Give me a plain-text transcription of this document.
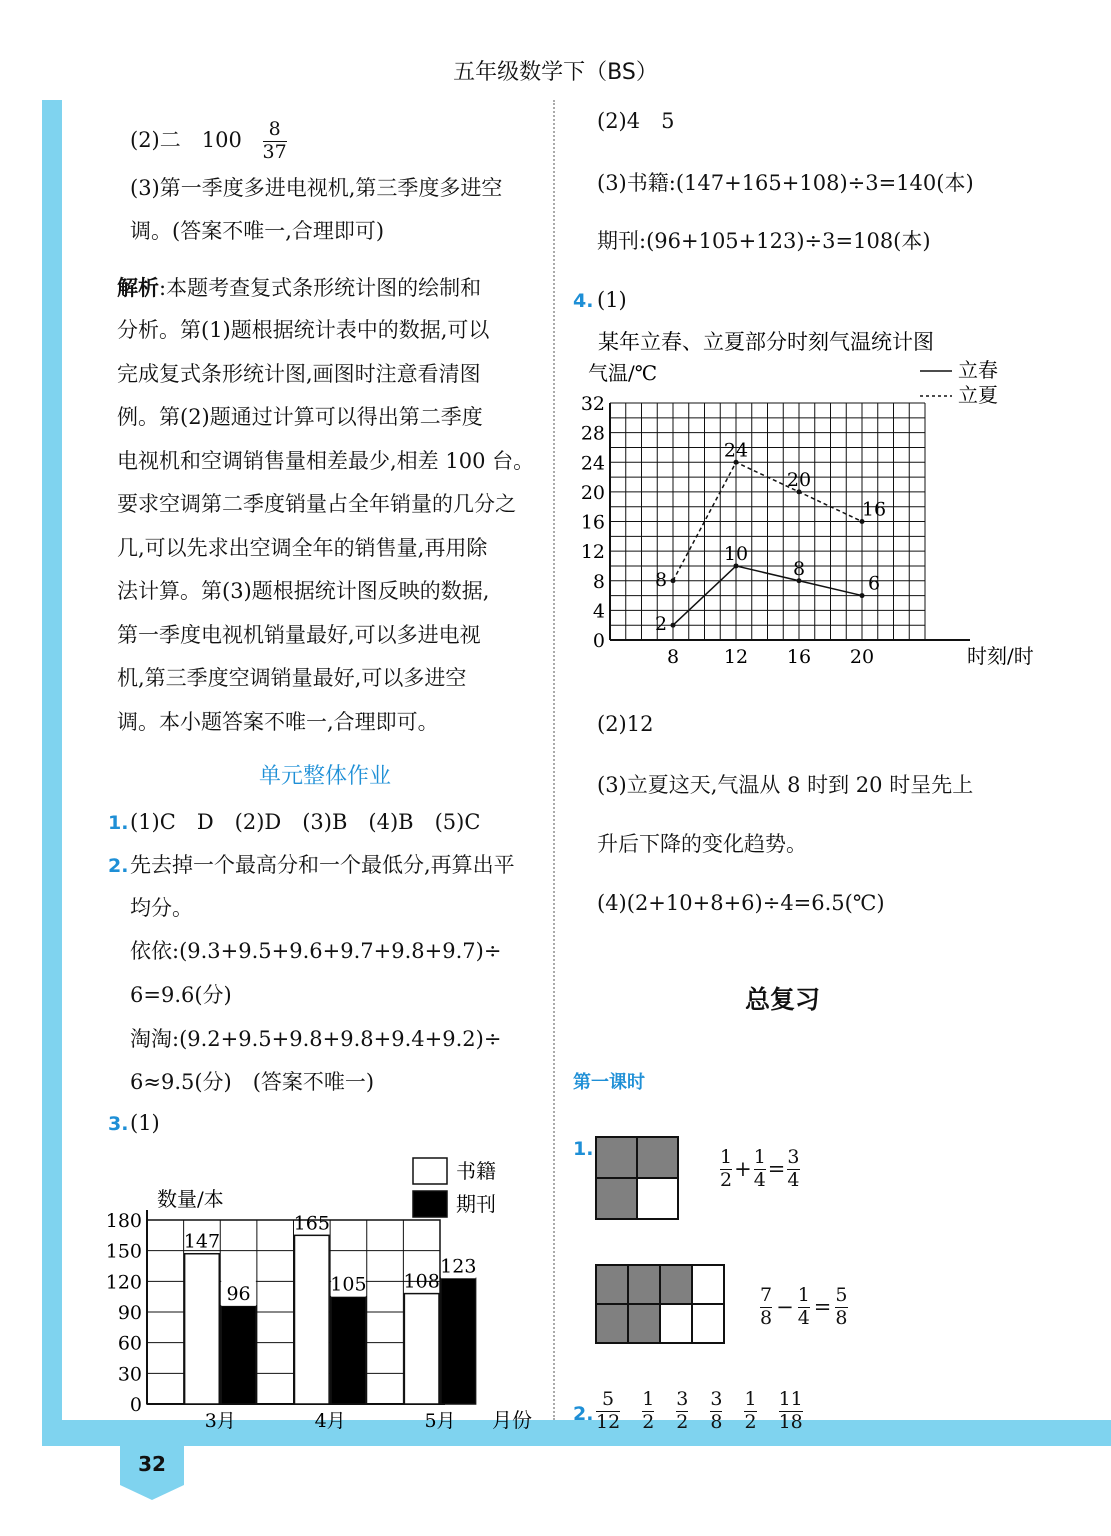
32
五年级数学下（BS）
(2)二　$100 \frac{8}{37}$
(3)第一季度多进电视机,第三季度多进空
调。(答案不唯一,合理即可)
解析:本题考查复式条形统计图的绘制和
分析。第(1)题根据统计表中的数据,可以
完成复式条形统计图,画图时注意看清图
例。第(2)题通过计算可以得出第二季度
电视机和空调销售量相差最少,相差 100 台。
要求空调第二季度销量占全年销量的几分之
几,可以先求出空调全年的销售量,再用除
法计算。第(3)题根据统计图反映的数据,
第一季度电视机销量最好,可以多进电视
机,第三季度空调销量最好,可以多进空
调。本小题答案不唯一,合理即可。
单元整体作业
1. (1)C　D　(2)D　(3)B　(4)B　(5)C
2. 先去掉一个最高分和一个最低分,再算出平
均分。
依依:(9.3+9.5+9.6+9.7+9.8+9.7)÷
6=9.6(分)
淘淘:(9.2+9.5+9.8+9.8+9.4+9.2)÷
6≈9.5(分)　(答案不唯一)
3. (1)
0
30
60
90
120
150
180
数量/本
月份
书籍
期刊
147
96
3月
165
105
4月
108
123
5月
(2)4　5
(3)书籍:(147+165+108)÷3=140(本)
期刊:(96+105+123)÷3=108(本)
4. (1)
某年立春、立夏部分时刻气温统计图
气温/℃
0
4
8
12
16
20
24
28
32
8 12 16 20	时刻/时
立春
立夏
2
10
8
6
8
24
20
16
(2)12
(3)立夏这天,气温从 8 时到 20 时呈先上
升后下降的变化趋势。
(4)(2+10+8+6)÷4=6.5(℃)
总复习
第一课时
1.	$\frac{1}{2} + \frac{1}{4} = \frac{3}{4}$
$\frac{7}{8} - \frac{1}{4} = \frac{5}{8}$
2. $\frac{5}{12} \frac{1}{2} \frac{3}{2} \frac{3}{8} \frac{1}{2} \frac{11}{18}$
